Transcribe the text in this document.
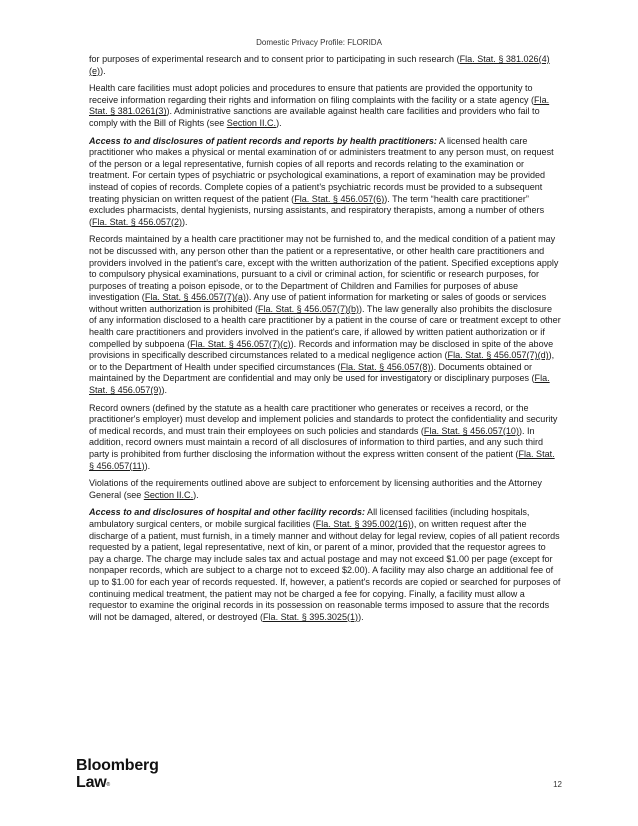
Domestic Privacy Profile: FLORIDA

for purposes of experimental research and to consent prior to participating in such research (Fla. Stat. § 381.026(4)(e)).

Health care facilities must adopt policies and procedures to ensure that patients are provided the opportunity to receive information regarding their rights and information on filing complaints with the facility or a state agency (Fla. Stat. § 381.0261(3)). Administrative sanctions are available against health care facilities and providers who fail to comply with the Bill of Rights (see Section II.C.).

Access to and disclosures of patient records and reports by health practitioners: A licensed health care practitioner who makes a physical or mental examination of or administers treatment to any person must, on request of the person or a legal representative, furnish copies of all reports and records relating to the examination or treatment. For certain types of psychiatric or psychological examinations, a report of examination may be provided instead of copies of records. Complete copies of a patient's psychiatric records must be provided to a subsequent treating physician on written request of the patient (Fla. Stat. § 456.057(6)). The term “health care practitioner” excludes pharmacists, dental hygienists, nursing assistants, and respiratory therapists, among a number of others (Fla. Stat. § 456.057(2)).

Records maintained by a health care practitioner may not be furnished to, and the medical condition of a patient may not be discussed with, any person other than the patient or a representative, or other health care practitioners and providers involved in the patient's care, except with the written authorization of the patient. Specified exceptions apply to compulsory physical examinations, pursuant to a civil or criminal action, for scientific or research purposes, for purposes of treating a poison episode, or to the Department of Children and Families for purposes of abuse investigation (Fla. Stat. § 456.057(7)(a)). Any use of patient information for marketing or sales of goods or services without written authorization is prohibited (Fla. Stat. § 456.057(7)(b)). The law generally also prohibits the disclosure of any information disclosed to a health care practitioner by a patient in the course of care or treatment except to other health care practitioners and providers involved in the patient's care, if allowed by written patient authorization or if compelled by subpoena (Fla. Stat. § 456.057(7)(c)). Records and information may be disclosed in spite of the above provisions in specifically described circumstances related to a medical negligence action (Fla. Stat. § 456.057(7)(d)), or to the Department of Health under specified circumstances (Fla. Stat. § 456.057(8)). Documents obtained or maintained by the Department are confidential and may only be used for investigatory or disciplinary purposes (Fla. Stat. § 456.057(9)).

Record owners (defined by the statute as a health care practitioner who generates or receives a record, or the practitioner's employer) must develop and implement policies and standards to protect the confidentiality and security of medical records, and must train their employees on such policies and standards (Fla. Stat. § 456.057(10)). In addition, record owners must maintain a record of all disclosures of information to third parties, and any such third party is prohibited from further disclosing the information without the express written consent of the patient (Fla. Stat. § 456.057(11)).

Violations of the requirements outlined above are subject to enforcement by licensing authorities and the Attorney General (see Section II.C.).

Access to and disclosures of hospital and other facility records: All licensed facilities (including hospitals, ambulatory surgical centers, or mobile surgical facilities (Fla. Stat. § 395.002(16)), on written request after the discharge of a patient, must furnish, in a timely manner and without delay for legal review, copies of all patient records requested by a patient, legal representative, next of kin, or parent of a minor, provided that the requestor agrees to pay a charge. The charge may include sales tax and actual postage and may not exceed $1.00 per page (except for nonpaper records, which are subject to a charge not to exceed $2.00). A facility may also charge an additional fee of up to $1.00 for each year of records requested. If, however, a patient's records are copied or searched for purposes of continuing medical treatment, the patient may not be charged a fee for copying. Finally, a facility must allow a requestor to examine the original records in its possession on reasonable terms imposed to assure that the records will not be damaged, altered, or destroyed (Fla. Stat. § 395.3025(1)).

Bloomberg
Law®	12
